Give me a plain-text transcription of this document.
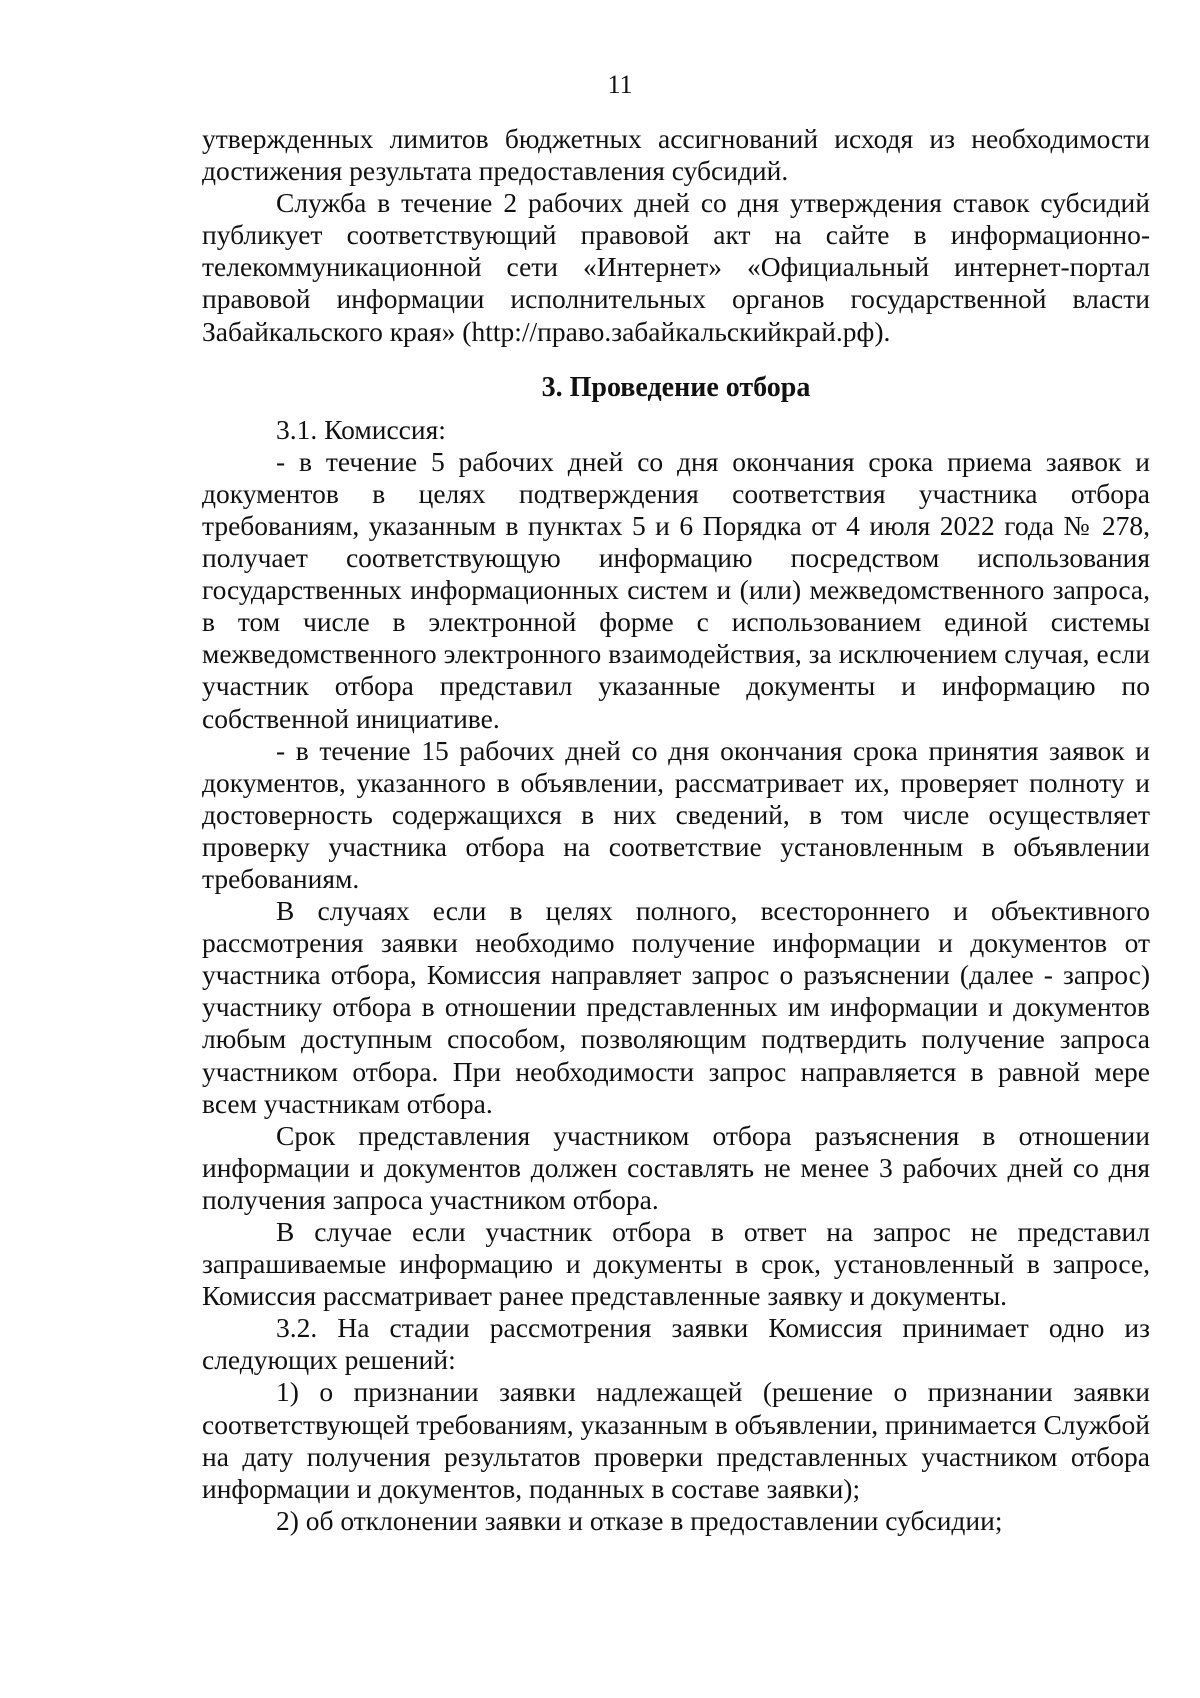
11

утвержденных лимитов бюджетных ассигнований исходя из необходимости достижения результата предоставления субсидий.

Служба в течение 2 рабочих дней со дня утверждения ставок субсидий публикует соответствующий правовой акт на сайте в информационно-телекоммуникационной сети «Интернет» «Официальный интернет-портал правовой информации исполнительных органов государственной власти Забайкальского края» (http://право.забайкальскийкрай.рф).

3. Проведение отбора

3.1. Комиссия:

- в течение 5 рабочих дней со дня окончания срока приема заявок и документов в целях подтверждения соответствия участника отбора требованиям, указанным в пунктах 5 и 6 Порядка от 4 июля 2022 года № 278, получает соответствующую информацию посредством использования государственных информационных систем и (или) межведомственного запроса, в том числе в электронной форме с использованием единой системы межведомственного электронного взаимодействия, за исключением случая, если участник отбора представил указанные документы и информацию по собственной инициативе.

- в течение 15 рабочих дней со дня окончания срока принятия заявок и документов, указанного в объявлении, рассматривает их, проверяет полноту и достоверность содержащихся в них сведений, в том числе осуществляет проверку участника отбора на соответствие установленным в объявлении требованиям.

В случаях если в целях полного, всестороннего и объективного рассмотрения заявки необходимо получение информации и документов от участника отбора, Комиссия направляет запрос о разъяснении (далее - запрос) участнику отбора в отношении представленных им информации и документов любым доступным способом, позволяющим подтвердить получение запроса участником отбора. При необходимости запрос направляется в равной мере всем участникам отбора.

Срок представления участником отбора разъяснения в отношении информации и документов должен составлять не менее 3 рабочих дней со дня получения запроса участником отбора.

В случае если участник отбора в ответ на запрос не представил запрашиваемые информацию и документы в срок, установленный в запросе, Комиссия рассматривает ранее представленные заявку и документы.

3.2. На стадии рассмотрения заявки Комиссия принимает одно из следующих решений:

1) о признании заявки надлежащей (решение о признании заявки соответствующей требованиям, указанным в объявлении, принимается Службой на дату получения результатов проверки представленных участником отбора информации и документов, поданных в составе заявки);

2) об отклонении заявки и отказе в предоставлении субсидии;
